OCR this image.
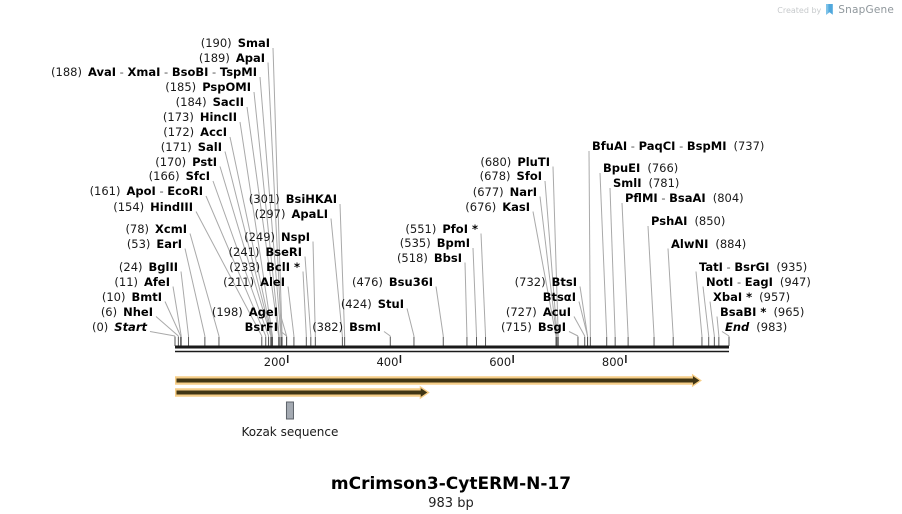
Created by SnapGene
(190) SmaI
(189) ApaI
(188) AvaI - XmaI - BsoBI - TspMI
(185) PspOMI
(184) SacII
(173) HincII
(172) AccI
(171) SalI
(170) PstI
(166) SfcI
(161) ApoI - EcoRI
(154) HindIII
(78) XcmI
(53) EarI
(24) BglII
(11) AfeI
(10) BmtI
(6) NheI
(0) Start
(301) BsiHKAI
(297) ApaLI
(249) NspI
(241) BseRI
(233) BclI *
(211) AleI
(198) AgeI
BsrFI	(382) BsmI
(424) StuI
(476) Bsu36I
(518) BbsI
(535) BpmI
(551) PfoI *
(676) KasI
(677) NarI
(678) SfoI
(680) PluTI
(732) BtsI
BtsαI
(727) AcuI
(715) BsgI
BfuAI - PaqCI - BspMI (737)
BpuEI (766)
SmlI (781)
PflMI - BsaAI (804)
PshAI (850)
AlwNI (884)
TatI - BsrGI (935)
NotI - EagI (947)
XbaI * (957)
BsaBI * (965)
End (983)
200	400	600	800
Kozak sequence
mCrimson3-CytERM-N-17
983 bp
